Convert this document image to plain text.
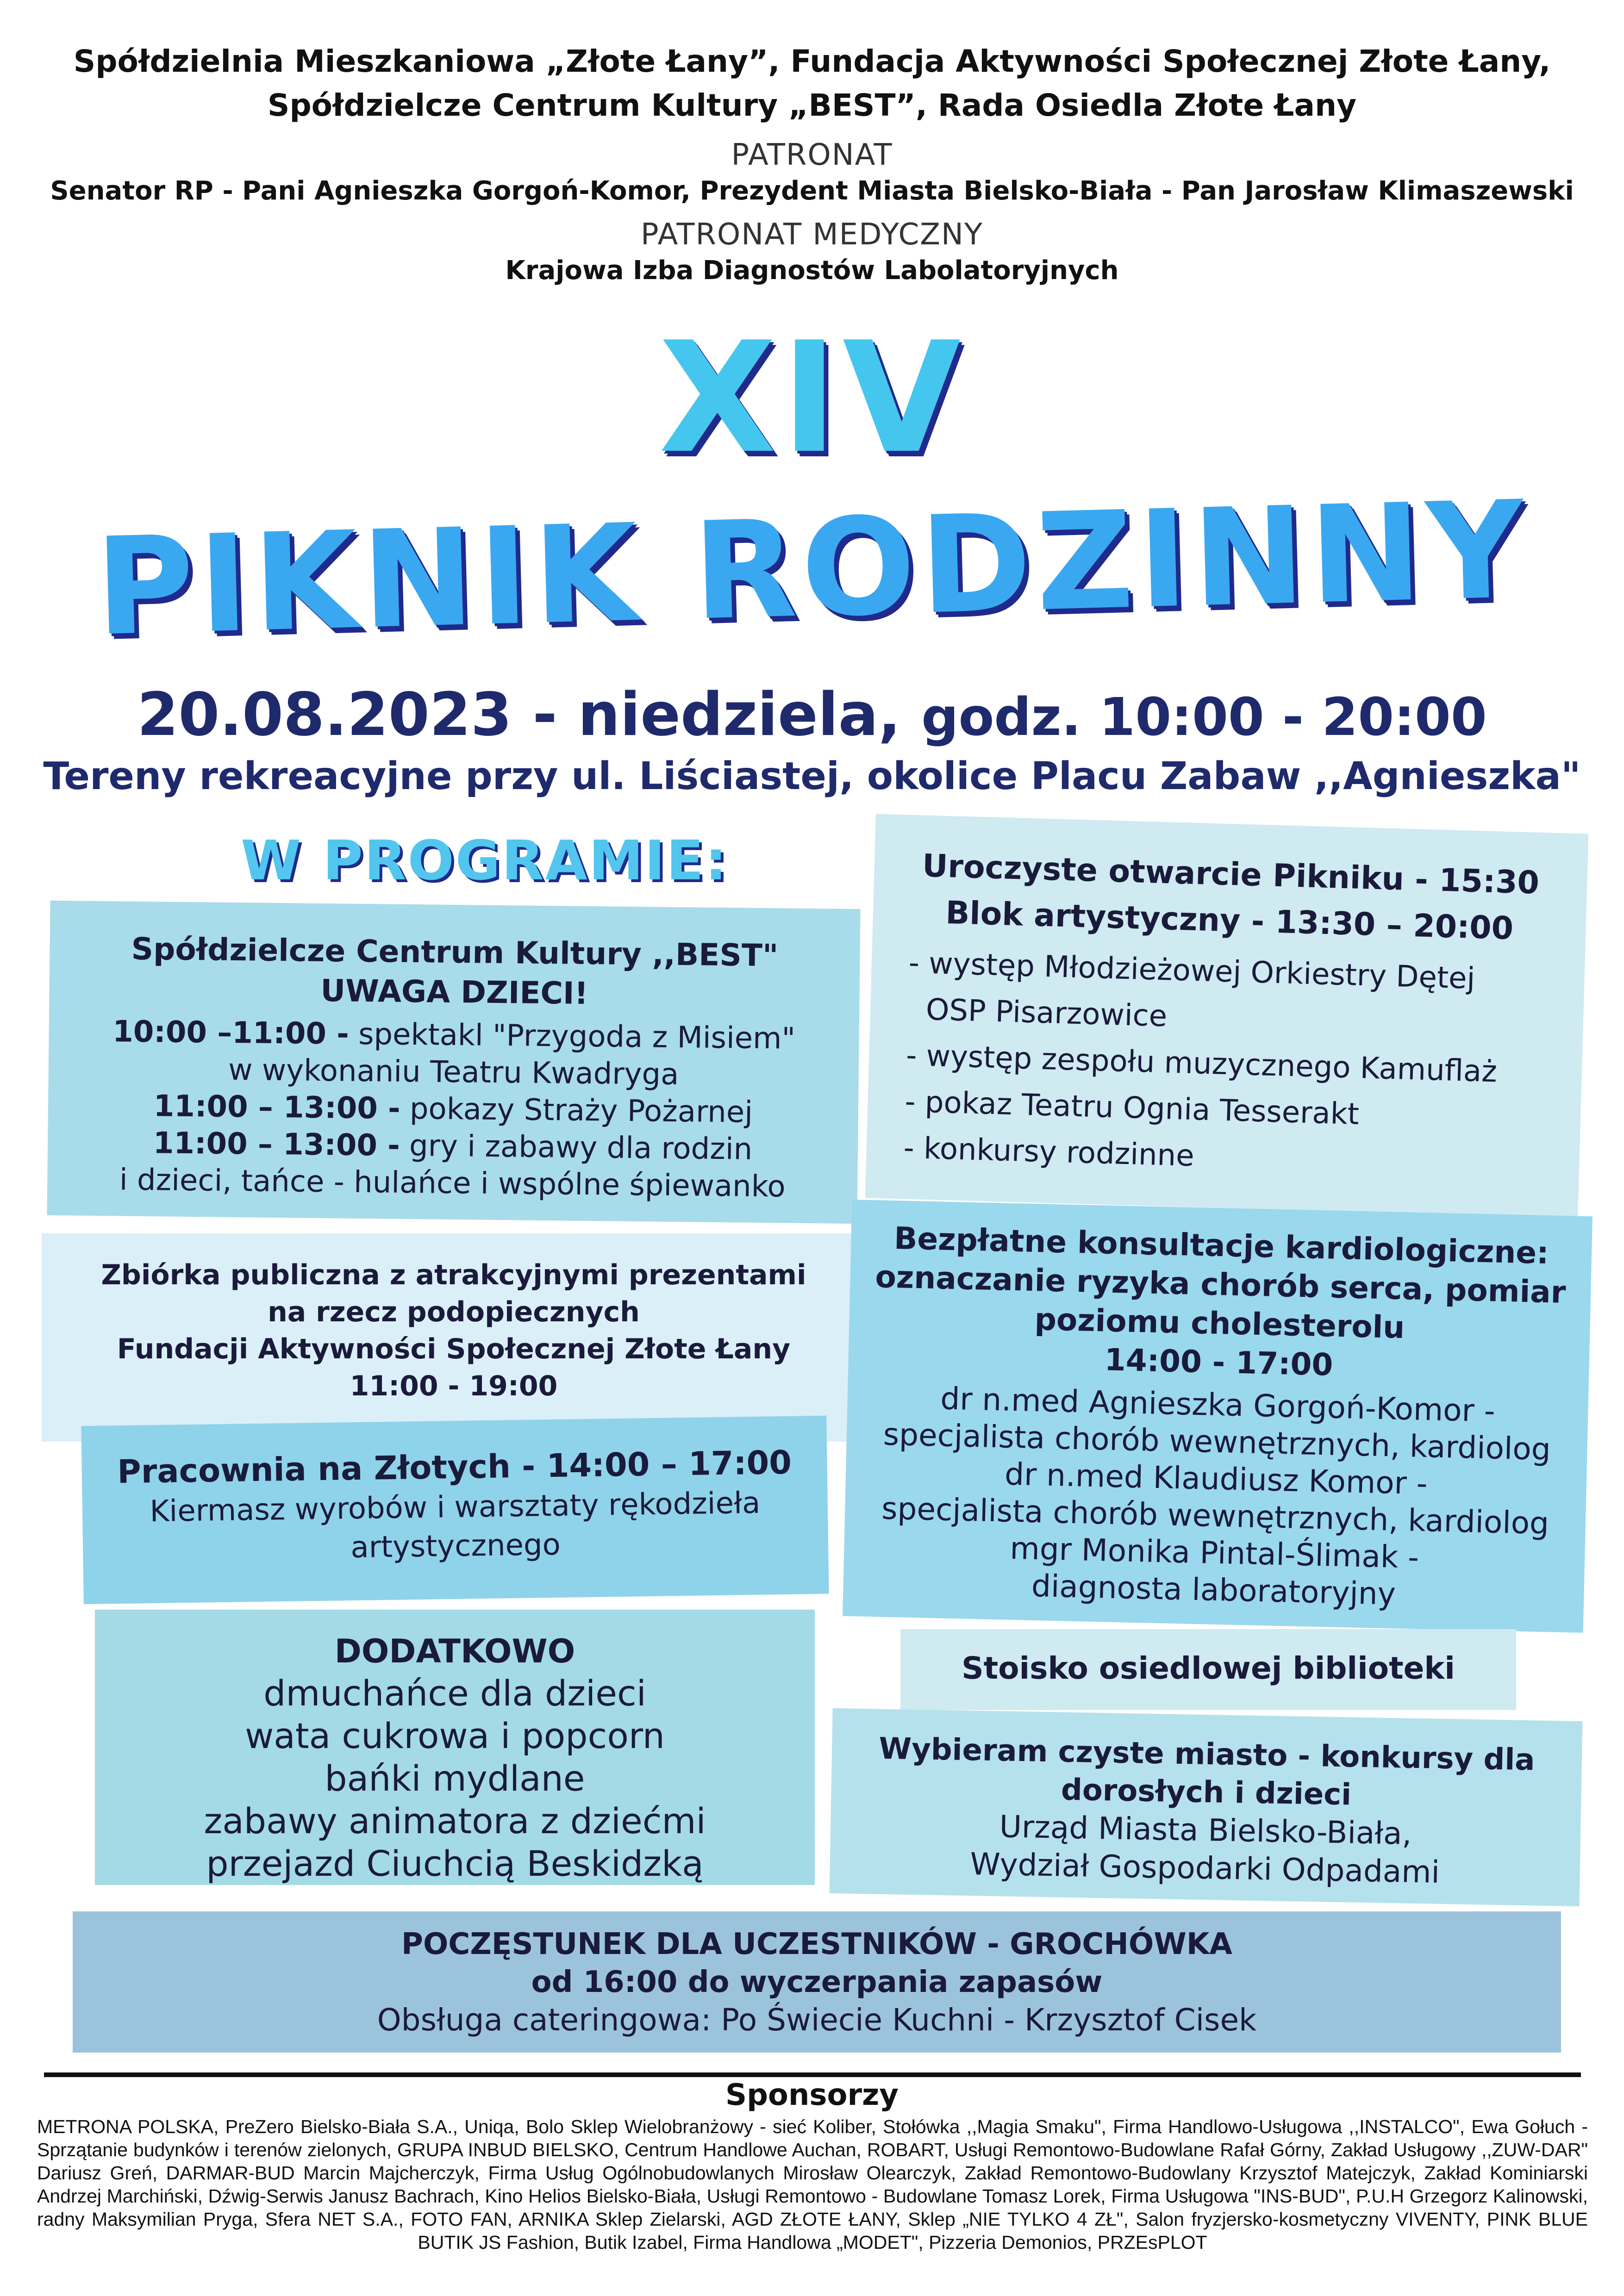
Spółdzielnia Mieszkaniowa „Złote Łany”, Fundacja Aktywności Społecznej Złote Łany,
Spółdzielcze Centrum Kultury „BEST”, Rada Osiedla Złote Łany
PATRONAT
Senator RP - Pani Agnieszka Gorgoń-Komor, Prezydent Miasta Bielsko-Biała - Pan Jarosław Klimaszewski
PATRONAT MEDYCZNY
Krajowa Izba Diagnostów Labolatoryjnych
XIV
PIKNIK RODZINNY
20.08.2023 - niedziela, godz. 10:00 - 20:00
Tereny rekreacyjne przy ul. Liściastej, okolice Placu Zabaw ,,Agnieszka"
W PROGRAMIE:
Spółdzielcze Centrum Kultury ,,BEST"
UWAGA DZIECI!
10:00 –11:00 - spektakl "Przygoda z Misiem"
w wykonaniu Teatru Kwadryga
11:00 – 13:00 - pokazy Straży Pożarnej
11:00 – 13:00 - gry i zabawy dla rodzin
i dzieci, tańce - hulańce i wspólne śpiewanko
Uroczyste otwarcie Pikniku - 15:30
Blok artystyczny - 13:30 – 20:00
- występ Młodzieżowej Orkiestry Dętej
OSP Pisarzowice
- występ zespołu muzycznego Kamuflaż
- pokaz Teatru Ognia Tesserakt
- konkursy rodzinne
Zbiórka publiczna z atrakcyjnymi prezentami
na rzecz podopiecznych
Fundacji Aktywności Społecznej Złote Łany
11:00 - 19:00
Bezpłatne konsultacje kardiologiczne:
oznaczanie ryzyka chorób serca, pomiar
poziomu cholesterolu
14:00 - 17:00
dr n.med Agnieszka Gorgoń-Komor -
specjalista chorób wewnętrznych, kardiolog
dr n.med Klaudiusz Komor -
specjalista chorób wewnętrznych, kardiolog
mgr Monika Pintal-Ślimak -
diagnosta laboratoryjny
Pracownia na Złotych - 14:00 – 17:00
Kiermasz wyrobów i warsztaty rękodzieła
artystycznego
DODATKOWO
dmuchańce dla dzieci
wata cukrowa i popcorn
bańki mydlane
zabawy animatora z dziećmi
przejazd Ciuchcią Beskidzką
Stoisko osiedlowej biblioteki
Wybieram czyste miasto - konkursy dla
dorosłych i dzieci
Urząd Miasta Bielsko-Biała,
Wydział Gospodarki Odpadami
POCZĘSTUNEK DLA UCZESTNIKÓW - GROCHÓWKA
od 16:00 do wyczerpania zapasów
Obsługa cateringowa: Po Świecie Kuchni - Krzysztof Cisek
Sponsorzy
METRONA POLSKA, PreZero Bielsko-Biała S.A., Uniqa, Bolo Sklep Wielobranżowy - sieć Koliber, Stołówka ,,Magia Smaku", Firma Handlowo-Usługowa ,,INSTALCO", Ewa Gołuch - Sprzątanie budynków i terenów zielonych, GRUPA INBUD BIELSKO, Centrum Handlowe Auchan, ROBART, Usługi Remontowo-Budowlane Rafał Górny, Zakład Usługowy ,,ZUW-DAR" Dariusz Greń, DARMAR-BUD Marcin Majcherczyk, Firma Usług Ogólnobudowlanych Mirosław Olearczyk, Zakład Remontowo-Budowlany Krzysztof Matejczyk, Zakład Kominiarski Andrzej Marchiński, Dźwig-Serwis Janusz Bachrach, Kino Helios Bielsko-Biała, Usługi Remontowo - Budowlane Tomasz Lorek, Firma Usługowa "INS-BUD", P.U.H Grzegorz Kalinowski, radny Maksymilian Pryga, Sfera NET S.A., FOTO FAN, ARNIKA Sklep Zielarski, AGD ZŁOTE ŁANY, Sklep „NIE TYLKO 4 ZŁ", Salon fryzjersko-kosmetyczny VIVENTY, PINK BLUE BUTIK JS Fashion, Butik Izabel, Firma Handlowa „MODET", Pizzeria Demonios, PRZEsPLOT
